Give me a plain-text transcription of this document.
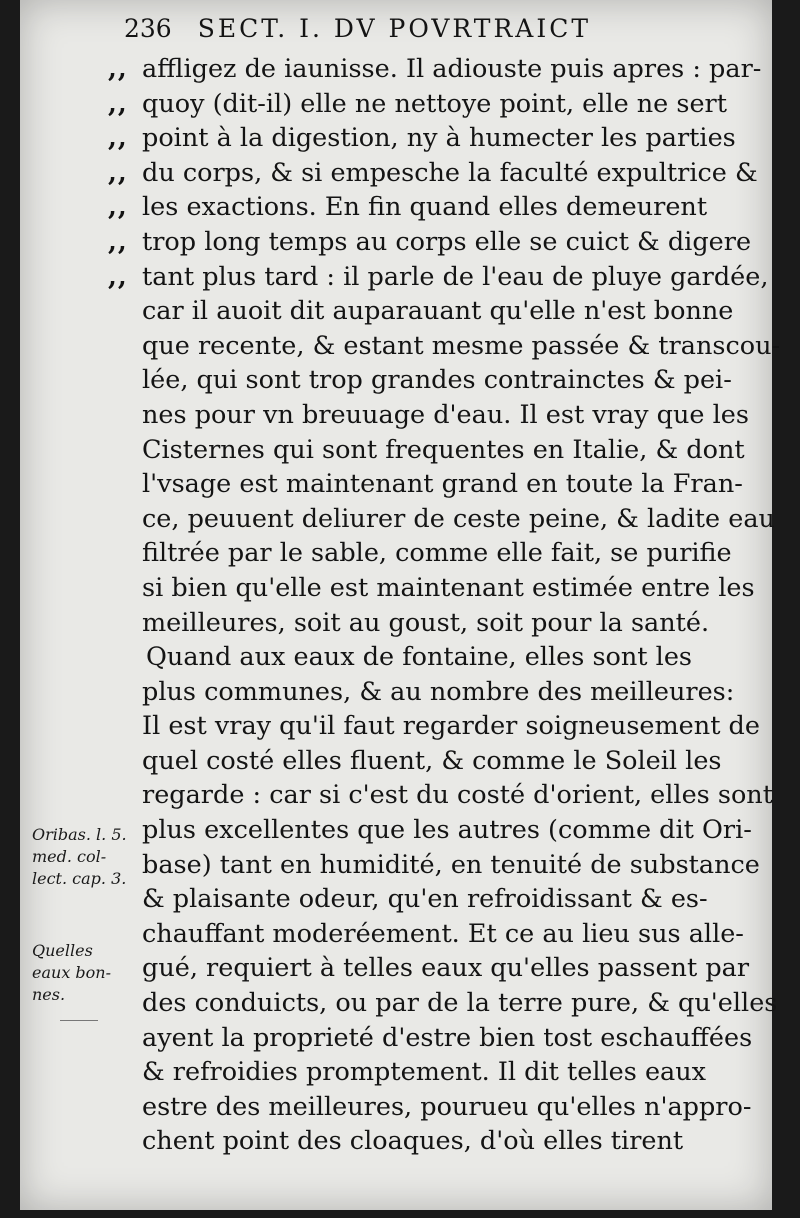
236 SECT. I. DV POVRTRAICT
,, affligez de iaunisse. Il adiouste puis apres : par-
,, quoy (dit-il) elle ne nettoye point, elle ne sert
,, point à la digestion, ny à humecter les parties
,, du corps, & si empesche la faculté expultrice &
,, les exactions. En fin quand elles demeurent
,, trop long temps au corps elle se cuict & digere
,, tant plus tard : il parle de l'eau de pluye gardée,
car il auoit dit auparauant qu'elle n'est bonne
que recente, & estant mesme passée & transcou-
lée, qui sont trop grandes contrainctes & pei-
nes pour vn breuuage d'eau. Il est vray que les
Cisternes qui sont frequentes en Italie, & dont
l'vsage est maintenant grand en toute la Fran-
ce, peuuent deliurer de ceste peine, & ladite eau
filtrée par le sable, comme elle fait, se purifie
si bien qu'elle est maintenant estimée entre les
meilleures, soit au goust, soit pour la santé.
Quand aux eaux de fontaine, elles sont les
plus communes, & au nombre des meilleures:
Il est vray qu'il faut regarder soigneusement de
quel costé elles fluent, & comme le Soleil les
regarde : car si c'est du costé d'orient, elles sont
plus excellentes que les autres (comme dit Ori-
base) tant en humidité, en tenuité de substance
& plaisante odeur, qu'en refroidissant & es-
chauffant moderéement. Et ce au lieu sus alle-
gué, requiert à telles eaux qu'elles passent par
des conduicts, ou par de la terre pure, & qu'elles
ayent la proprieté d'estre bien tost eschauffées
& refroidies promptement. Il dit telles eaux
estre des meilleures, pourueu qu'elles n'appro-
chent point des cloaques, d'où elles tirent
Oribas. l. 5.
med. col-
lect. cap. 3.
Quelles
eaux bon-
nes.
